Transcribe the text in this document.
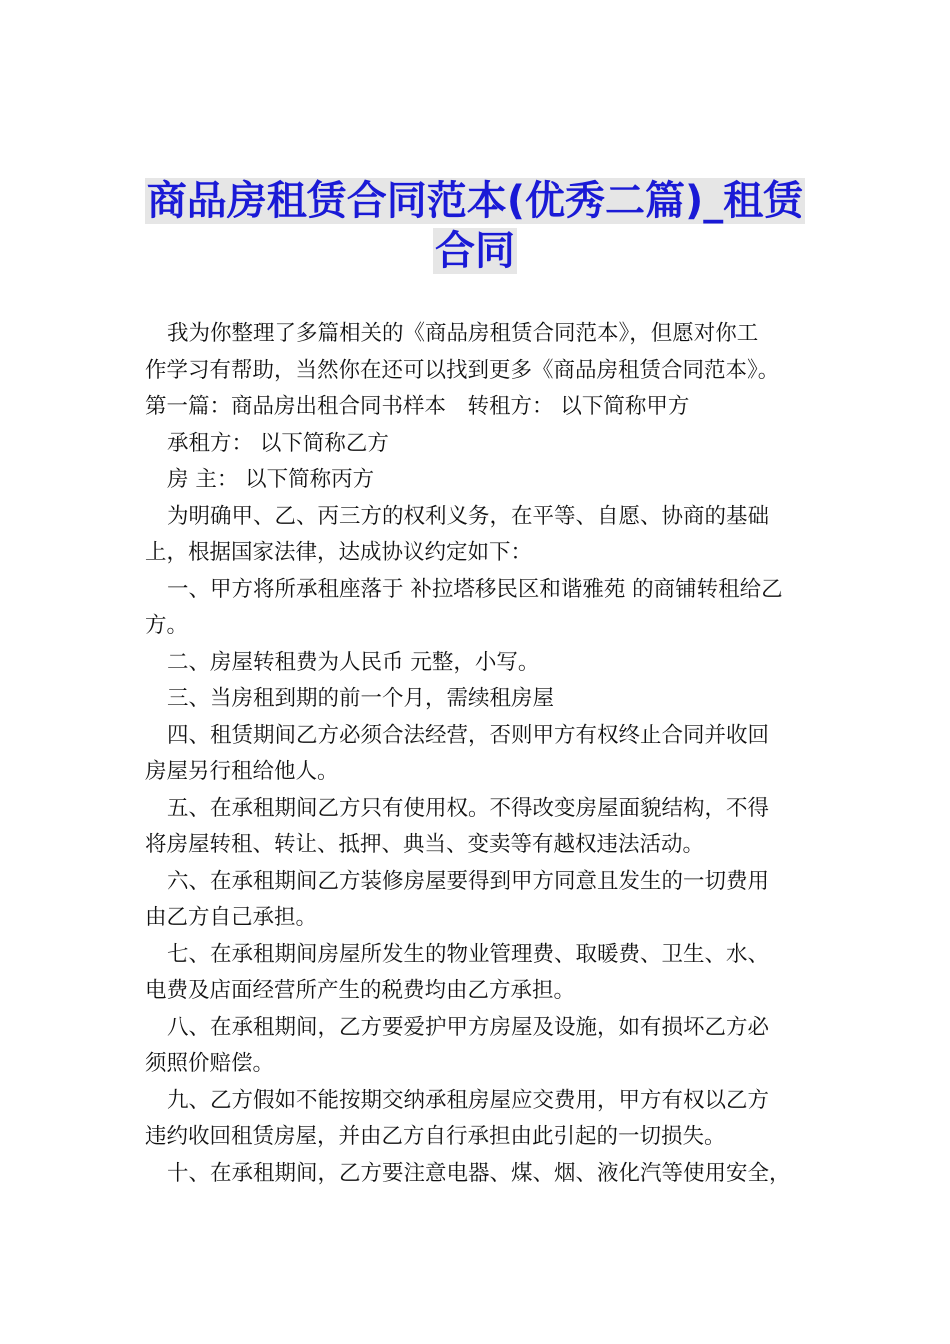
商品房租赁合同范本(优秀二篇)_租赁
合同
我为你整理了多篇相关的《商品房租赁合同范本》，但愿对你工
作学习有帮助，当然你在还可以找到更多《商品房租赁合同范本》。
第一篇：商品房出租合同书样本　转租方： 以下简称甲方
承租方： 以下简称乙方
房 主： 以下简称丙方
为明确甲、乙、丙三方的权利义务，在平等、自愿、协商的基础
上，根据国家法律，达成协议约定如下：
一、甲方将所承租座落于 补拉塔移民区和谐雅苑 的商铺转租给乙
方。
二、房屋转租费为人民币 元整，小写。
三、当房租到期的前一个月，需续租房屋
四、租赁期间乙方必须合法经营，否则甲方有权终止合同并收回
房屋另行租给他人。
五、在承租期间乙方只有使用权。不得改变房屋面貌结构，不得
将房屋转租、转让、抵押、典当、变卖等有越权违法活动。
六、在承租期间乙方装修房屋要得到甲方同意且发生的一切费用
由乙方自己承担。
七、在承租期间房屋所发生的物业管理费、取暖费、卫生、水、
电费及店面经营所产生的税费均由乙方承担。
八、在承租期间，乙方要爱护甲方房屋及设施，如有损坏乙方必
须照价赔偿。
九、乙方假如不能按期交纳承租房屋应交费用，甲方有权以乙方
违约收回租赁房屋，并由乙方自行承担由此引起的一切损失。
十、在承租期间，乙方要注意电器、煤、烟、液化汽等使用安全，
